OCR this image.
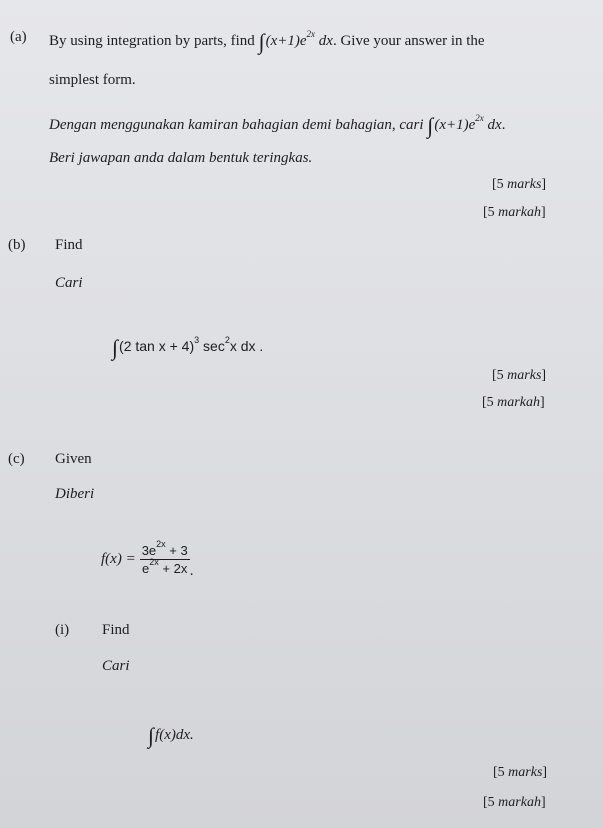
(a) By using integration by parts, find $\int(x+1)e^{2x}$ dx. Give your answer in the
simplest form.
Dengan menggunakan kamiran bahagian demi bahagian, cari $\int(x+1)e^{2x}$ dx.
Beri jawapan anda dalam bentuk teringkas.
[5 marks]
[5 markah]
(b) Find
Cari
∫(2 tan x + 4)$^3$ $\sec^2x$ dx .
[5 marks]
[5 markah]
(c) Given
Diberi
$f(x) = \frac{3e^{2x} + 3}{e^{2x} + 2x}$ .
(i) Find
Cari
∫f(x)dx.
[5 marks]
[5 markah]
